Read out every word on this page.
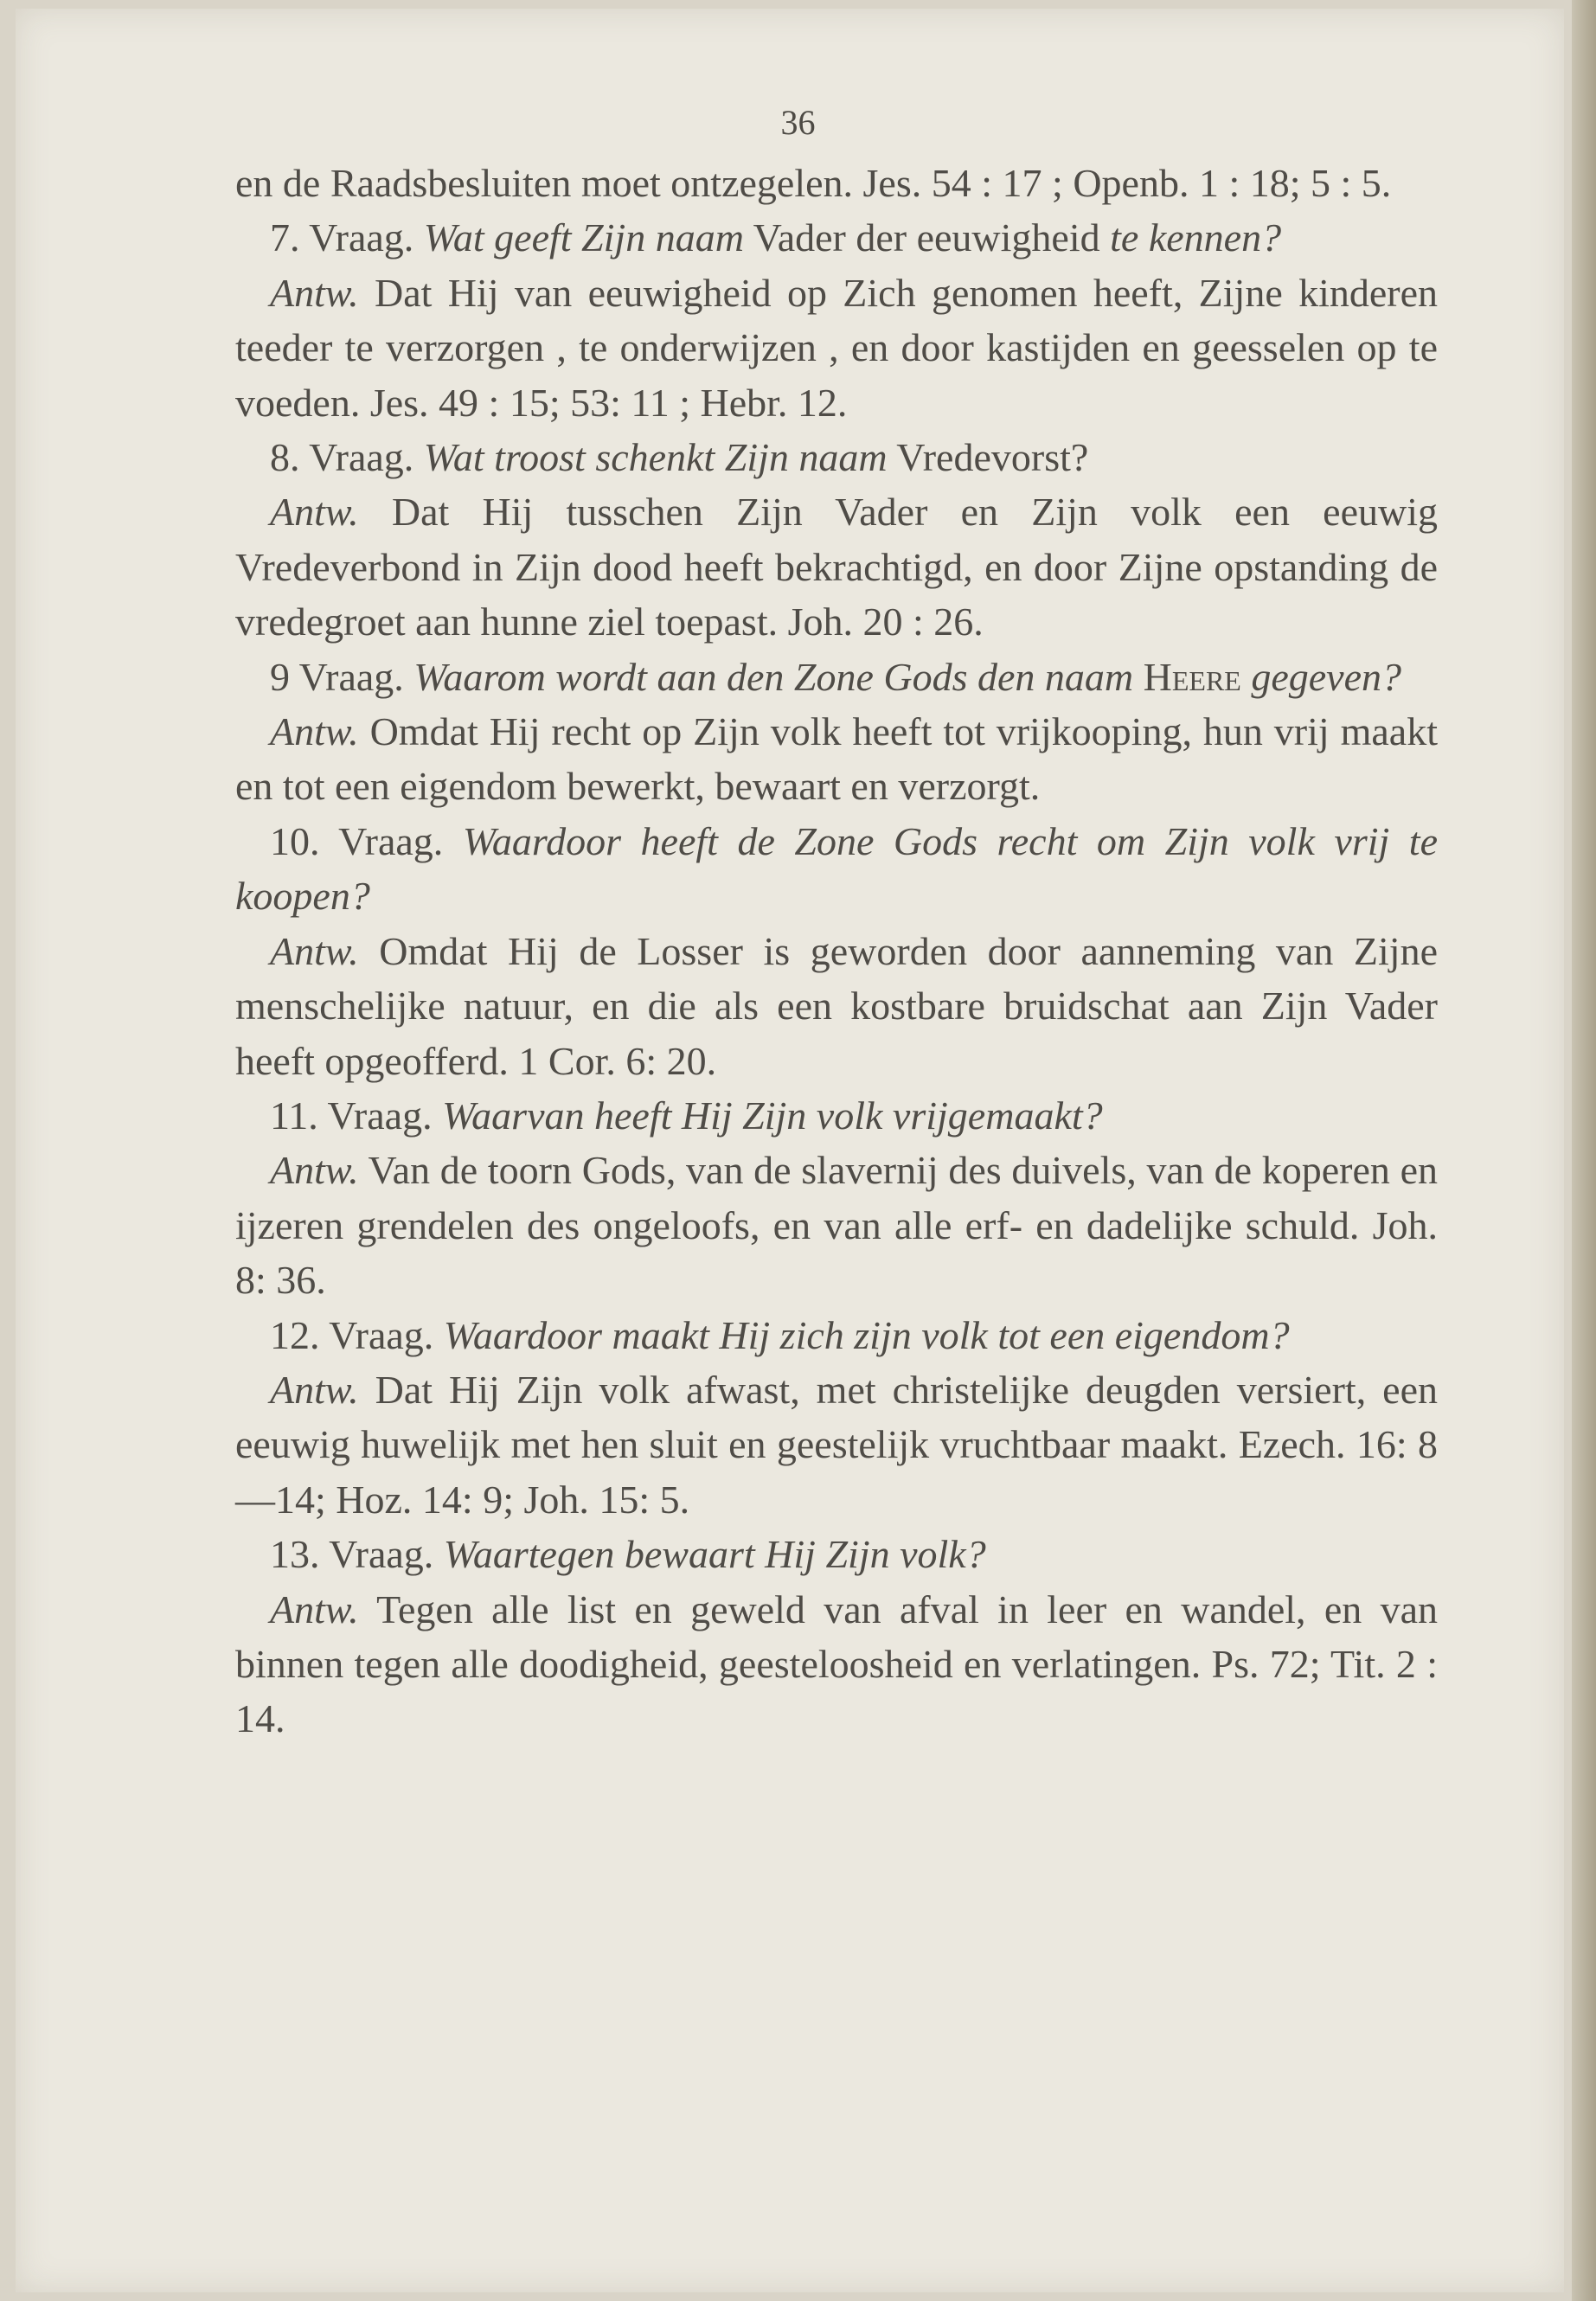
36

en de Raadsbesluiten moet ontzegelen. Jes. 54 : 17 ; Openb. 1 : 18; 5 : 5.

7. Vraag. Wat geeft Zijn naam Vader der eeuwigheid te kennen?

Antw. Dat Hij van eeuwigheid op Zich genomen heeft, Zijne kinderen teeder te verzorgen , te onderwijzen , en door kastijden en geesselen op te voeden. Jes. 49 : 15; 53: 11 ; Hebr. 12.

8. Vraag. Wat troost schenkt Zijn naam Vredevorst?

Antw. Dat Hij tusschen Zijn Vader en Zijn volk een eeuwig Vredeverbond in Zijn dood heeft bekrachtigd, en door Zijne opstanding de vredegroet aan hunne ziel toepast. Joh. 20 : 26.

9 Vraag. Waarom wordt aan den Zone Gods den naam Heere gegeven?

Antw. Omdat Hij recht op Zijn volk heeft tot vrijkooping, hun vrij maakt en tot een eigendom bewerkt, bewaart en verzorgt.

10. Vraag. Waardoor heeft de Zone Gods recht om Zijn volk vrij te koopen?

Antw. Omdat Hij de Losser is geworden door aanneming van Zijne menschelijke natuur, en die als een kostbare bruidschat aan Zijn Vader heeft opgeofferd. 1 Cor. 6: 20.

11. Vraag. Waarvan heeft Hij Zijn volk vrijgemaakt?

Antw. Van de toorn Gods, van de slavernij des duivels, van de koperen en ijzeren grendelen des ongeloofs, en van alle erf- en dadelijke schuld. Joh. 8: 36.

12. Vraag. Waardoor maakt Hij zich zijn volk tot een eigendom?

Antw. Dat Hij Zijn volk afwast, met christelijke deugden versiert, een eeuwig huwelijk met hen sluit en geestelijk vruchtbaar maakt. Ezech. 16: 8—14; Hoz. 14: 9; Joh. 15: 5.

13. Vraag. Waartegen bewaart Hij Zijn volk?

Antw. Tegen alle list en geweld van afval in leer en wandel, en van binnen tegen alle doodigheid, geesteloosheid en verlatingen. Ps. 72; Tit. 2 : 14.
